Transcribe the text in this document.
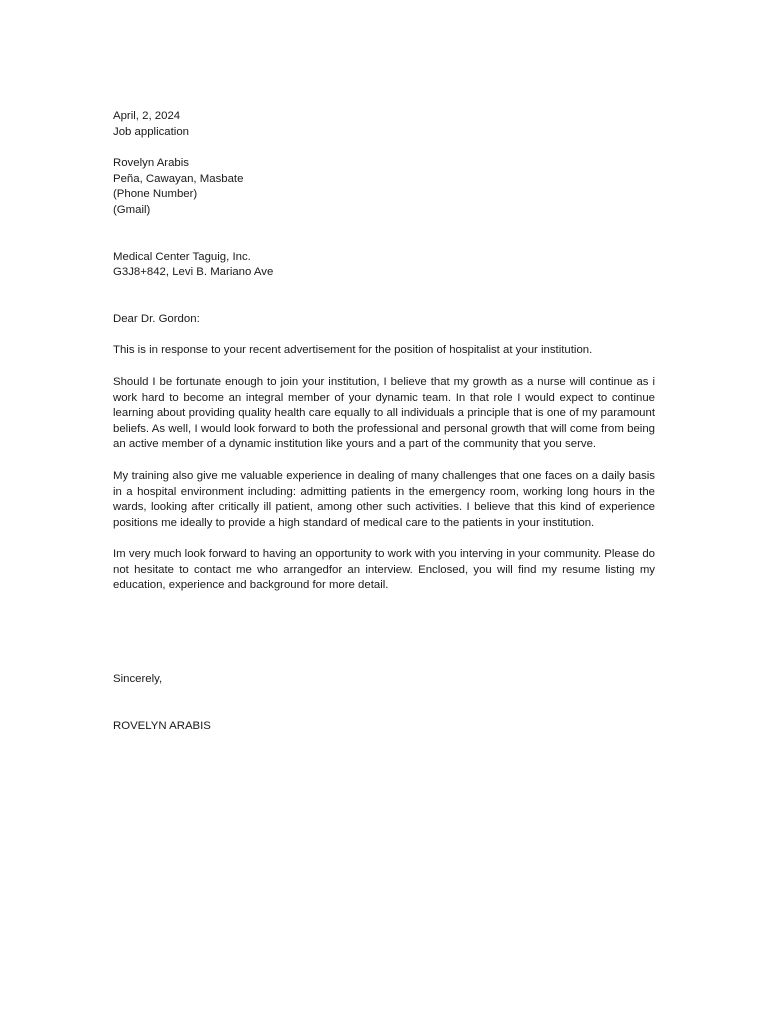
April, 2, 2024
Job application
Rovelyn Arabis
Peña, Cawayan, Masbate
(Phone Number)
(Gmail)
Medical Center Taguig, Inc.
G3J8+842, Levi B. Mariano Ave
Dear Dr. Gordon:

This is in response to your recent advertisement for the position of hospitalist at your institution.

Should I be fortunate enough to join your institution, I believe that my growth as a nurse will continue as i work hard to become an integral member of your dynamic team. In that role I would expect to continue learning about providing quality health care equally to all individuals a principle that is one of my paramount beliefs. As well, I would look forward to both the professional and personal growth that will come from being an active member of a dynamic institution like yours and a part of the community that you serve.

My training also give me valuable experience in dealing of many challenges that one faces on a daily basis in a hospital environment including: admitting patients in the emergency room, working long hours in the wards, looking after critically ill patient, among other such activities. I believe that this kind of experience positions me ideally to provide a high standard of medical care to the patients in your institution.

Im very much look forward to having an opportunity to work with you interving in your community. Please do not hesitate to contact me who arrangedfor an interview. Enclosed, you will find my resume listing my education, experience and background for more detail.

Sincerely,
ROVELYN ARABIS
